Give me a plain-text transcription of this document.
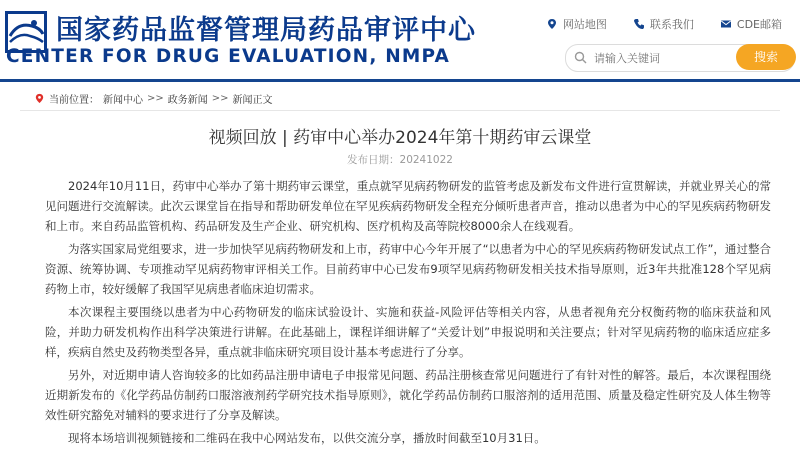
国家药品监督管理局药品审评中心
CENTER FOR DRUG EVALUATION, NMPA
网站地图	联系我们	CDE邮箱
请输入关键词
搜索
当前位置： 新闻中心 >> 政务新闻 >> 新闻正文
视频回放 | 药审中心举办2024年第十期药审云课堂
发布日期：20241022

2024年10月11日，药审中心举办了第十期药审云课堂，重点就罕见病药物研发的监管考虑及新发布文件进行宣贯解读，并就业界关心的常见问题进行交流解读。此次云课堂旨在指导和帮助研发单位在罕见疾病药物研发全程充分倾听患者声音，推动以患者为中心的罕见疾病药物研发和上市。来自药品监管机构、药品研发及生产企业、研究机构、医疗机构及高等院校8000余人在线观看。

为落实国家局党组要求，进一步加快罕见病药物研发和上市，药审中心今年开展了“以患者为中心的罕见疾病药物研发试点工作”，通过整合资源、统筹协调、专项推动罕见病药物审评相关工作。目前药审中心已发布9项罕见病药物研发相关技术指导原则，近3年共批准128个罕见病药物上市，较好缓解了我国罕见病患者临床迫切需求。

本次课程主要围绕以患者为中心药物研发的临床试验设计、实施和获益-风险评估等相关内容，从患者视角充分权衡药物的临床获益和风险，并助力研发机构作出科学决策进行讲解。在此基础上，课程详细讲解了“关爱计划”申报说明和关注要点；针对罕见病药物的临床适应症多样，疾病自然史及药物类型各异，重点就非临床研究项目设计基本考虑进行了分享。

另外，对近期申请人咨询较多的比如药品注册申请电子申报常见问题、药品注册核查常见问题进行了有针对性的解答。最后，本次课程围绕近期新发布的《化学药品仿制药口服溶液剂药学研究技术指导原则》，就化学药品仿制药口服溶剂的适用范围、质量及稳定性研究及人体生物等效性研究豁免对辅料的要求进行了分享及解读。

现将本场培训视频链接和二维码在我中心网站发布，以供交流分享，播放时间截至10月31日。
